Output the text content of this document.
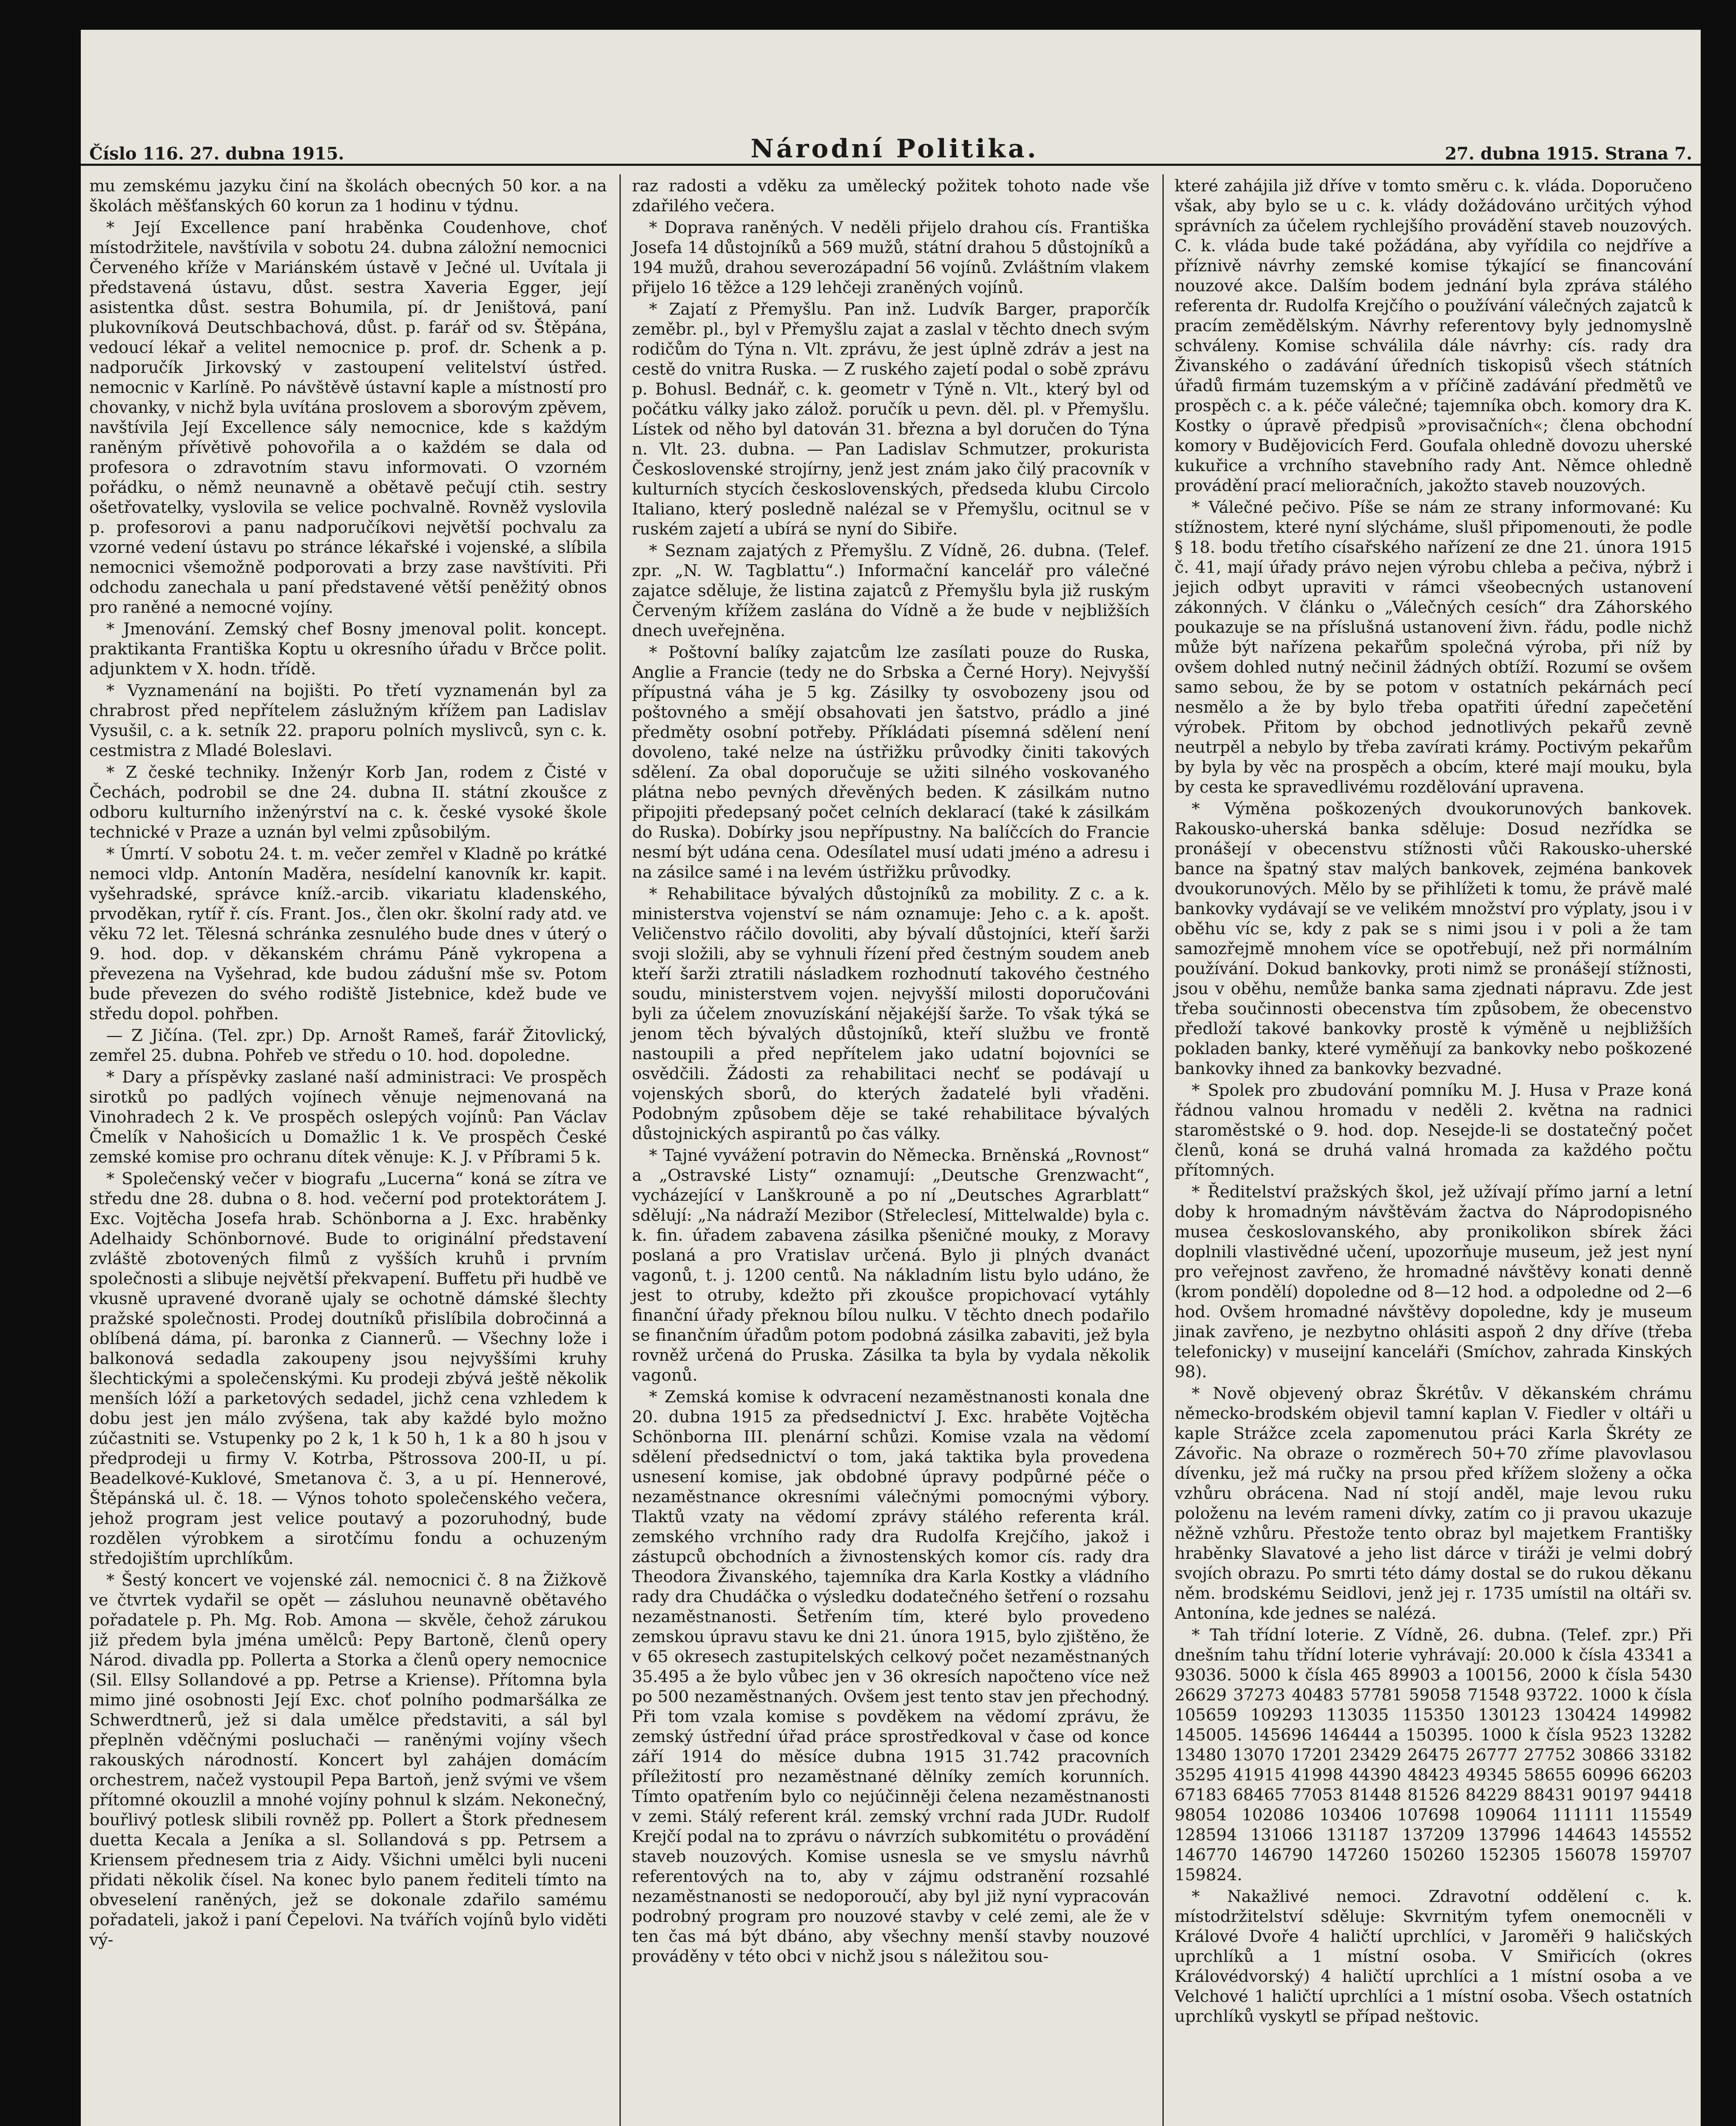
Číslo 116. 27. dubna 1915.	Národní Politika.	27. dubna 1915. Strana 7.

mu zemskému jazyku činí na školách obecných 50 kor. a na školách měšťanských 60 korun za 1 hodinu v týdnu.

* Její Excellence paní hraběnka Coudenhove, choť místodržitele, navštívila v sobotu 24. dubna záložní nemocnici Červeného kříže v Mariánském ústavě v Ječné ul. Uvítala ji představená ústavu, důst. sestra Xaveria Egger, její asistentka důst. sestra Bohumila, pí. dr Jeništová, paní plukovníková Deutschbachová, důst. p. farář od sv. Štěpána, vedoucí lékař a velitel nemocnice p. prof. dr. Schenk a p. nadporučík Jirkovský v zastoupení velitelství ústřed. nemocnic v Karlíně. Po návštěvě ústavní kaple a místností pro chovanky, v nichž byla uvítána proslovem a sborovým zpěvem, navštívila Její Excellence sály nemocnice, kde s každým raněným přívětivě pohovořila a o každém se dala od profesora o zdravotním stavu informovati. O vzorném pořádku, o němž neunavně a obětavě pečují ctih. sestry ošetřovatelky, vyslovila se velice pochvalně. Rovněž vyslovila p. profesorovi a panu nadporučíkovi největší pochvalu za vzorné vedení ústavu po stránce lékařské i vojenské, a slíbila nemocnici všemožně podporovati a brzy zase navštíviti. Při odchodu zanechala u paní představené větší peněžitý obnos pro raněné a nemocné vojíny.

* Jmenování. Zemský chef Bosny jmenoval polit. koncept. praktikanta Františka Koptu u okresního úřadu v Brčce polit. adjunktem v X. hodn. třídě.

* Vyznamenání na bojišti. Po třetí vyznamenán byl za chrabrost před nepřítelem záslužným křížem pan Ladislav Vysušil, c. a k. setník 22. praporu polních myslivců, syn c. k. cestmistra z Mladé Boleslavi.

* Z české techniky. Inženýr Korb Jan, rodem z Čisté v Čechách, podrobil se dne 24. dubna II. státní zkoušce z odboru kulturního inženýrství na c. k. české vysoké škole technické v Praze a uznán byl velmi způsobilým.

* Úmrtí. V sobotu 24. t. m. večer zemřel v Kladně po krátké nemoci vldp. Antonín Maděra, nesídelní kanovník kr. kapit. vyšehradské, správce kníž.-arcib. vikariatu kladenského, prvoděkan, rytíř ř. cís. Frant. Jos., člen okr. školní rady atd. ve věku 72 let. Tělesná schránka zesnulého bude dnes v úterý o 9. hod. dop. v děkanském chrámu Páně vykropena a převezena na Vyšehrad, kde budou zádušní mše sv. Potom bude převezen do svého rodiště Jistebnice, kdež bude ve středu dopol. pohřben.

— Z Jičína. (Tel. zpr.) Dp. Arnošt Rameš, farář Žitovlický, zemřel 25. dubna. Pohřeb ve středu o 10. hod. dopoledne.

* Dary a příspěvky zaslané naší administraci: Ve prospěch sirotků po padlých vojínech věnuje nejmenovaná na Vinohradech 2 k. Ve prospěch oslepých vojínů: Pan Václav Čmelík v Nahošicích u Domažlic 1 k. Ve prospěch České zemské komise pro ochranu dítek věnuje: K. J. v Příbrami 5 k.

* Společenský večer v biografu „Lucerna“ koná se zítra ve středu dne 28. dubna o 8. hod. večerní pod protektorátem J. Exc. Vojtěcha Josefa hrab. Schönborna a J. Exc. hraběnky Adelhaidy Schönbornové. Bude to originální představení zvláště zbotovených filmů z vyšších kruhů i prvním společnosti a slibuje největší překvapení. Buffetu při hudbě ve vkusně upravené dvoraně ujaly se ochotně dámské šlechty pražské společnosti. Prodej doutníků přislíbila dobročinná a oblíbená dáma, pí. baronka z Ciannerů. — Všechny lože i balkonová sedadla zakoupeny jsou nejvyššími kruhy šlechtickými a společenskými. Ku prodeji zbývá ještě několik menších lóží a parketových sedadel, jichž cena vzhledem k dobu jest jen málo zvýšena, tak aby každé bylo možno zúčastniti se. Vstupenky po 2 k, 1 k 50 h, 1 k a 80 h jsou v předprodeji u firmy V. Kotrba, Pštrossova 200-II, u pí. Beadelkové-Kuklové, Smetanova č. 3, a u pí. Hennerové, Štěpánská ul. č. 18. — Výnos tohoto společenského večera, jehož program jest velice poutavý a pozoruhodný, bude rozdělen výrobkem a sirotčímu fondu a ochuzeným středojištím uprchlíkům.

* Šestý koncert ve vojenské zál. nemocnici č. 8 na Žižkově ve čtvrtek vydařil se opět — zásluhou neunavně obětavého pořadatele p. Ph. Mg. Rob. Amona — skvěle, čehož zárukou již předem byla jména umělců: Pepy Bartoně, členů opery Národ. divadla pp. Pollerta a Storka a členů opery nemocnice (Sil. Ellsy Sollandové a pp. Petrse a Kriense). Přítomna byla mimo jiné osobnosti Její Exc. choť polního podmaršálka ze Schwerdtnerů, jež si dala umělce představiti, a sál byl přeplněn vděčnými posluchači — raněnými vojíny všech rakouských národností. Koncert byl zahájen domácím orchestrem, načež vystoupil Pepa Bartoň, jenž svými ve všem přítomné okouzlil a mnohé vojíny pohnul k slzám. Nekonečný, bouřlivý potlesk slibili rovněž pp. Pollert a Štork přednesem duetta Kecala a Jeníka a sl. Sollandová s pp. Petrsem a Kriensem přednesem tria z Aidy. Všichni umělci byli nuceni přidati několik čísel. Na konec bylo panem řediteli tímto na obveselení raněných, jež se dokonale zdařilo samému pořadateli, jakož i paní Čepelovi. Na tvářích vojínů bylo viděti vý-

raz radosti a vděku za umělecký požitek tohoto nade vše zdařilého večera.

* Doprava raněných. V neděli přijelo drahou cís. Františka Josefa 14 důstojníků a 569 mužů, státní drahou 5 důstojníků a 194 mužů, drahou severozápadní 56 vojínů. Zvláštním vlakem přijelo 16 těžce a 129 lehčeji zraněných vojínů.

* Zajatí z Přemyšlu. Pan inž. Ludvík Barger, praporčík zeměbr. pl., byl v Přemyšlu zajat a zaslal v těchto dnech svým rodičům do Týna n. Vlt. zprávu, že jest úplně zdráv a jest na cestě do vnitra Ruska. — Z ruského zajetí podal o sobě zprávu p. Bohusl. Bednář, c. k. geometr v Týně n. Vlt., který byl od počátku války jako zálož. poručík u pevn. děl. pl. v Přemyšlu. Lístek od něho byl datován 31. března a byl doručen do Týna n. Vlt. 23. dubna. — Pan Ladislav Schmutzer, prokurista Československé strojírny, jenž jest znám jako čilý pracovník v kulturních stycích československých, předseda klubu Circolo Italiano, který posledně nalézal se v Přemyšlu, ocitnul se v ruském zajetí a ubírá se nyní do Sibiře.

* Seznam zajatých z Přemyšlu. Z Vídně, 26. dubna. (Telef. zpr. „N. W. Tagblattu“.) Informační kancelář pro válečné zajatce sděluje, že listina zajatců z Přemyšlu byla již ruským Červeným křížem zaslána do Vídně a že bude v nejbližších dnech uveřejněna.

* Poštovní balíky zajatcům lze zasílati pouze do Ruska, Anglie a Francie (tedy ne do Srbska a Černé Hory). Nejvyšší přípustná váha je 5 kg. Zásilky ty osvobozeny jsou od poštovného a smějí obsahovati jen šatstvo, prádlo a jiné předměty osobní potřeby. Příkládati písemná sdělení není dovoleno, také nelze na ústřižku průvodky činiti takových sdělení. Za obal doporučuje se užiti silného voskovaného plátna nebo pevných dřevěných beden. K zásilkám nutno připojiti předepsaný počet celních deklarací (také k zásilkám do Ruska). Dobírky jsou nepřípustny. Na balíčcích do Francie nesmí být udána cena. Odesílatel musí udati jméno a adresu i na zásilce samé i na levém ústřižku průvodky.

* Rehabilitace bývalých důstojníků za mobility. Z c. a k. ministerstva vojenství se nám oznamuje: Jeho c. a k. apošt. Veličenstvo ráčilo dovoliti, aby bývalí důstojníci, kteří šarži svoji složili, aby se vyhnuli řízení před čestným soudem aneb kteří šarži ztratili násladkem rozhodnutí takového čestného soudu, ministerstvem vojen. nejvyšší milosti doporučováni byli za účelem znovuzískání nějakéjší šarže. To však týká se jenom těch bývalých důstojníků, kteří službu ve frontě nastoupili a před nepřítelem jako udatní bojovníci se osvědčili. Žádosti za rehabilitaci nechť se podávají u vojenských sborů, do kterých žadatelé byli vřaděni. Podobným způsobem děje se také rehabilitace bývalých důstojnických aspirantů po čas války.

* Tajné vyvážení potravin do Německa. Brněnská „Rovnost“ a „Ostravské Listy“ oznamují: „Deutsche Grenzwacht“, vycházející v Lanškrouně a po ní „Deutsches Agrarblatt“ sdělují: „Na nádraží Mezibor (Střeleclesí, Mittelwalde) byla c. k. fin. úřadem zabavena zásilka pšeničné mouky, z Moravy poslaná a pro Vratislav určená. Bylo ji plných dvanáct vagonů, t. j. 1200 centů. Na nákladním listu bylo udáno, že jest to otruby, kdežto při zkoušce propichovací vytáhly finanční úřady překnou bílou nulku. V těchto dnech podařilo se finančním úřadům potom podobná zásilka zabaviti, jež byla rovněž určená do Pruska. Zásilka ta byla by vydala několik vagonů.

* Zemská komise k odvracení nezaměstnanosti konala dne 20. dubna 1915 za předsednictví J. Exc. hraběte Vojtěcha Schönborna III. plenární schůzi. Komise vzala na vědomí sdělení předsednictví o tom, jaká taktika byla provedena usnesení komise, jak obdobné úpravy podpůrné péče o nezaměstnance okresními válečnými pomocnými výbory. Tlaktů vzaty na vědomí zprávy stálého referenta král. zemského vrchního rady dra Rudolfa Krejčího, jakož i zástupců obchodních a živnostenských komor cís. rady dra Theodora Živanského, tajemníka dra Karla Kostky a vládního rady dra Chudáčka o výsledku dodatečného šetření o rozsahu nezaměstnanosti. Šetřením tím, které bylo provedeno zemskou úpravu stavu ke dni 21. února 1915, bylo zjištěno, že v 65 okresech zastupitelských celkový počet nezaměstnaných 35.495 a že bylo vůbec jen v 36 okresích napočteno více než po 500 nezaměstnaných. Ovšem jest tento stav jen přechodný. Při tom vzala komise s povděkem na vědomí zprávu, že zemský ústřední úřad práce sprostředkoval v čase od konce září 1914 do měsíce dubna 1915 31.742 pracovních příležitostí pro nezaměstnané dělníky zemích korunních. Tímto opatřením bylo co nejúčinněji čelena nezaměstnanosti v zemi. Stálý referent král. zemský vrchní rada JUDr. Rudolf Krejčí podal na to zprávu o návrzích subkomitétu o provádění staveb nouzových. Komise usnesla se ve smyslu návrhů referentových na to, aby v zájmu odstranění rozsahlé nezaměstnanosti se nedoporoučí, aby byl již nyní vypracován podrobný program pro nouzové stavby v celé zemi, ale že v ten čas má být dbáno, aby všechny menší stavby nouzové prováděny v této obci v nichž jsou s náležitou sou-

které zahájila již dříve v tomto směru c. k. vláda. Doporučeno však, aby bylo se u c. k. vlády dožádováno určitých výhod správních za účelem rychlejšího provádění staveb nouzových. C. k. vláda bude také požádána, aby vyřídila co nejdříve a příznivě návrhy zemské komise týkající se financování nouzové akce. Dalším bodem jednání byla zpráva stálého referenta dr. Rudolfa Krejčího o používání válečných zajatců k pracím zemědělským. Návrhy referentovy byly jednomyslně schváleny. Komise schválila dále návrhy: cís. rady dra Živanského o zadávání úředních tiskopisů všech státních úřadů firmám tuzemským a v příčině zadávání předmětů ve prospěch c. a k. péče válečné; tajemníka obch. komory dra K. Kostky o úpravě předpisů »provisačních«; člena obchodní komory v Budějovicích Ferd. Goufala ohledně dovozu uherské kukuřice a vrchního stavebního rady Ant. Němce ohledně provádění prací melioračních, jakožto staveb nouzových.

* Válečné pečivo. Píše se nám ze strany informované: Ku stížnostem, které nyní slýcháme, slušl připomenouti, že podle § 18. bodu třetího císařského nařízení ze dne 21. února 1915 č. 41, mají úřady právo nejen výrobu chleba a pečiva, nýbrž i jejich odbyt upraviti v rámci všeobecných ustanovení zákonných. V článku o „Válečných cesích“ dra Záhorského poukazuje se na příslušná ustanovení živn. řádu, podle nichž může být nařízena pekařům společná výroba, při níž by ovšem dohled nutný nečinil žádných obtíží. Rozumí se ovšem samo sebou, že by se potom v ostatních pekárnách pecí nesmělo a že by bylo třeba opatřiti úřední zapečetění výrobek. Přitom by obchod jednotlivých pekařů zevně neutrpěl a nebylo by třeba zavírati krámy. Poctivým pekařům by byla by věc na prospěch a obcím, které mají mouku, byla by cesta ke spravedlivému rozdělování upravena.

* Výměna poškozených dvoukorunových bankovek. Rakousko-uherská banka sděluje: Dosud nezřídka se pronášejí v obecenstvu stížnosti vůči Rakousko-uherské bance na špatný stav malých bankovek, zejména bankovek dvoukorunových. Mělo by se přihlížeti k tomu, že právě malé bankovky vydávají se ve velikém množství pro výplaty, jsou i v oběhu víc se, kdy z pak se s nimi jsou i v poli a že tam samozřejmě mnohem více se opotřebují, než při normálním používání. Dokud bankovky, proti nimž se pronášejí stížnosti, jsou v oběhu, nemůže banka sama zjednati nápravu. Zde jest třeba součinnosti obecenstva tím způsobem, že obecenstvo předloží takové bankovky prostě k výměně u nejbližších pokladen banky, které vyměňují za bankovky nebo poškozené bankovky ihned za bankovky bezvadné.

* Spolek pro zbudování pomníku M. J. Husa v Praze koná řádnou valnou hromadu v neděli 2. května na radnici staroměstské o 9. hod. dop. Nesejde-li se dostatečný počet členů, koná se druhá valná hromada za každého počtu přítomných.

* Ředitelství pražských škol, jež užívají přímo jarní a letní doby k hromadným návštěvám žactva do Náprodopisného musea českoslovanského, aby pronikolikon sbírek žáci doplnili vlastivědné učení, upozorňuje museum, jež jest nyní pro veřejnost zavřeno, že hromadné návštěvy konati denně (krom pondělí) dopoledne od 8—12 hod. a odpoledne od 2—6 hod. Ovšem hromadné návštěvy dopoledne, kdy je museum jinak zavřeno, je nezbytno ohlásiti aspoň 2 dny dříve (třeba telefonicky) v museijní kanceláři (Smíchov, zahrada Kinských 98).

* Nově objevený obraz Škrétův. V děkanském chrámu německo-brodském objevil tamní kaplan V. Fiedler v oltáři u kaple Strážce zcela zapomenutou práci Karla Škréty ze Závořic. Na obraze o rozměrech 50+70 zříme plavovlasou dívenku, jež má ručky na prsou před křížem složeny a očka vzhůru obrácena. Nad ní stojí anděl, maje levou ruku položenu na levém rameni dívky, zatím co ji pravou ukazuje něžně vzhůru. Přestože tento obraz byl majetkem Františky hraběnky Slavatové a jeho list dárce v tiráži je velmi dobrý svojích obrazu. Po smrti této dámy dostal se do rukou děkanu něm. brodskému Seidlovi, jenž jej r. 1735 umístil na oltáři sv. Antonína, kde jednes se nalézá.

* Tah třídní loterie. Z Vídně, 26. dubna. (Telef. zpr.) Při dnešním tahu třídní loterie vyhrávají: 20.000 k čísla 43341 a 93036. 5000 k čísla 465 89903 a 100156, 2000 k čísla 5430 26629 37273 40483 57781 59058 71548 93722. 1000 k čísla 105659 109293 113035 115350 130123 130424 149982 145005. 145696 146444 a 150395. 1000 k čísla 9523 13282 13480 13070 17201 23429 26475 26777 27752 30866 33182 35295 41915 41998 44390 48423 49345 58655 60996 66203 67183 68465 77053 81448 81526 84229 88431 90197 94418 98054 102086 103406 107698 109064 111111 115549 128594 131066 131187 137209 137996 144643 145552 146770 146790 147260 150260 152305 156078 159707 159824.

* Nakažlivé nemoci. Zdravotní oddělení c. k. místodržitelství sděluje: Skvrnitým tyfem onemocněli v Králové Dvoře 4 haličtí uprchlíci, v Jaroměři 9 haličských uprchlíků a 1 místní osoba. V Smiřicích (okres Královédvorský) 4 haličtí uprchlíci a 1 místní osoba a ve Velchové 1 haličtí uprchlíci a 1 místní osoba. Všech ostatních uprchlíků vyskytl se případ neštovic.
